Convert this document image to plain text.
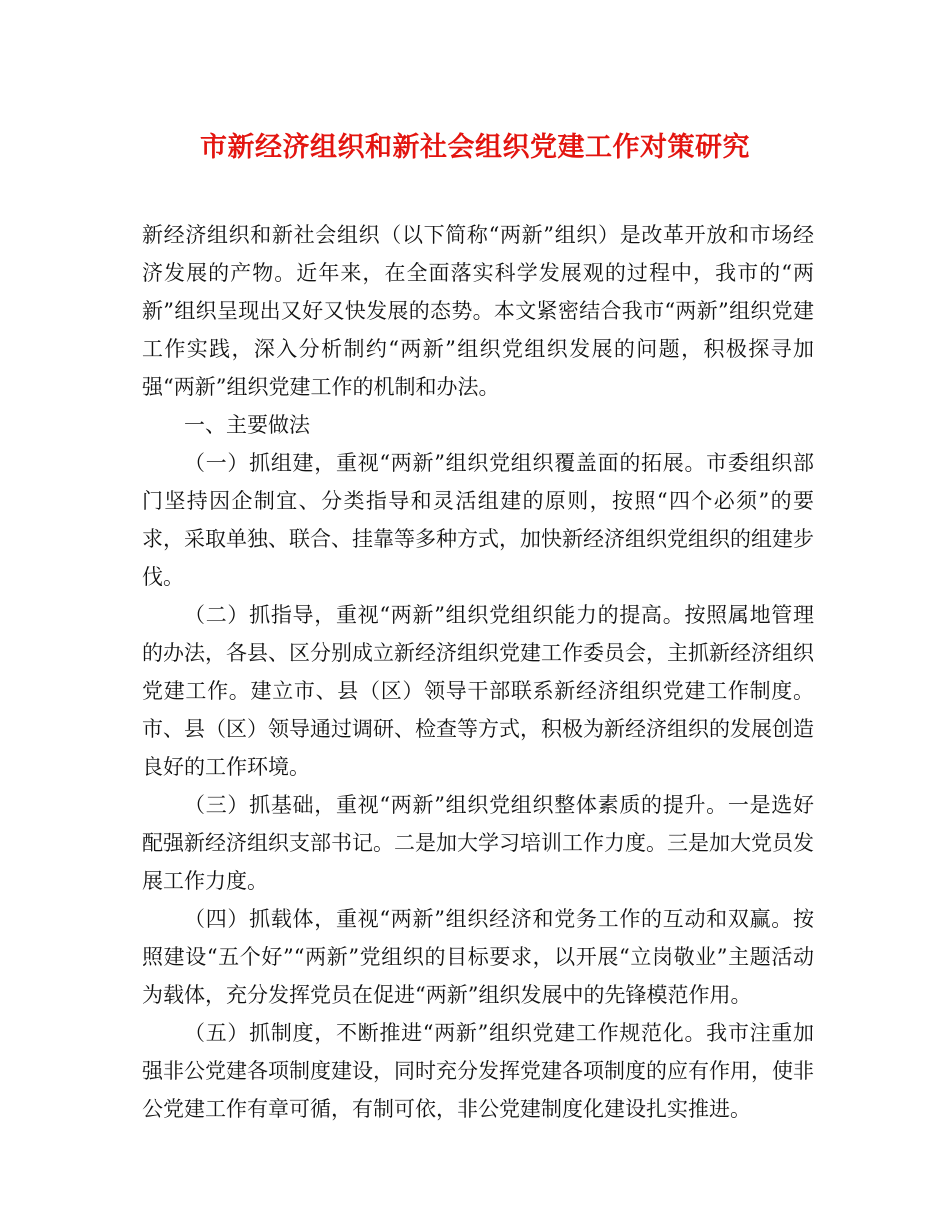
市新经济组织和新社会组织党建工作对策研究

新经济组织和新社会组织（以下简称“两新”组织）是改革开放和市场经济发展的产物。近年来，在全面落实科学发展观的过程中，我市的“两新”组织呈现出又好又快发展的态势。本文紧密结合我市“两新”组织党建工作实践，深入分析制约“两新”组织党组织发展的问题，积极探寻加强“两新”组织党建工作的机制和办法。

一、主要做法

（一）抓组建，重视“两新”组织党组织覆盖面的拓展。市委组织部门坚持因企制宜、分类指导和灵活组建的原则，按照“四个必须”的要求，采取单独、联合、挂靠等多种方式，加快新经济组织党组织的组建步伐。

（二）抓指导，重视“两新”组织党组织能力的提高。按照属地管理的办法，各县、区分别成立新经济组织党建工作委员会，主抓新经济组织党建工作。建立市、县（区）领导干部联系新经济组织党建工作制度。市、县（区）领导通过调研、检查等方式，积极为新经济组织的发展创造良好的工作环境。

（三）抓基础，重视“两新”组织党组织整体素质的提升。一是选好配强新经济组织支部书记。二是加大学习培训工作力度。三是加大党员发展工作力度。

（四）抓载体，重视“两新”组织经济和党务工作的互动和双赢。按照建设“五个好”“两新”党组织的目标要求，以开展“立岗敬业”主题活动为载体，充分发挥党员在促进“两新”组织发展中的先锋模范作用。

（五）抓制度，不断推进“两新”组织党建工作规范化。我市注重加强非公党建各项制度建设，同时充分发挥党建各项制度的应有作用，使非公党建工作有章可循，有制可依，非公党建制度化建设扎实推进。
